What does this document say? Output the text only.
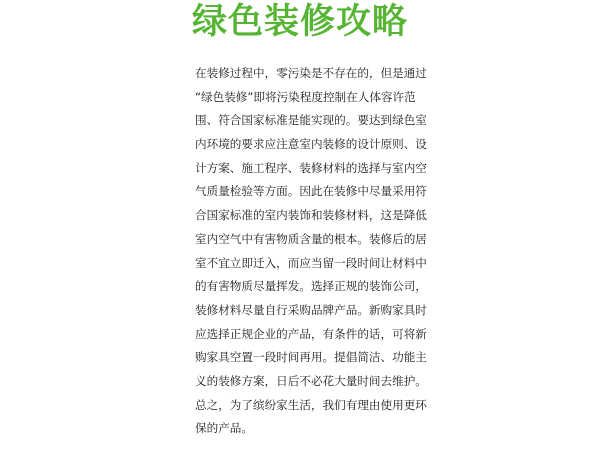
绿色装修攻略
在装修过程中，零污染是不存在的，但是通过
“绿色装修”即将污染程度控制在人体容许范
围、符合国家标准是能实现的。要达到绿色室
内环境的要求应注意室内装修的设计原则、设
计方案、施工程序、装修材料的选择与室内空
气质量检验等方面。因此在装修中尽量采用符
合国家标准的室内装饰和装修材料，这是降低
室内空气中有害物质含量的根本。装修后的居
室不宜立即迁入，而应当留一段时间让材料中
的有害物质尽量挥发。选择正规的装饰公司，
装修材料尽量自行采购品牌产品。新购家具时
应选择正规企业的产品，有条件的话，可将新
购家具空置一段时间再用。提倡简洁、功能主
义的装修方案，日后不必花大量时间去维护。
总之，为了缤纷家生活，我们有理由使用更环
保的产品。
